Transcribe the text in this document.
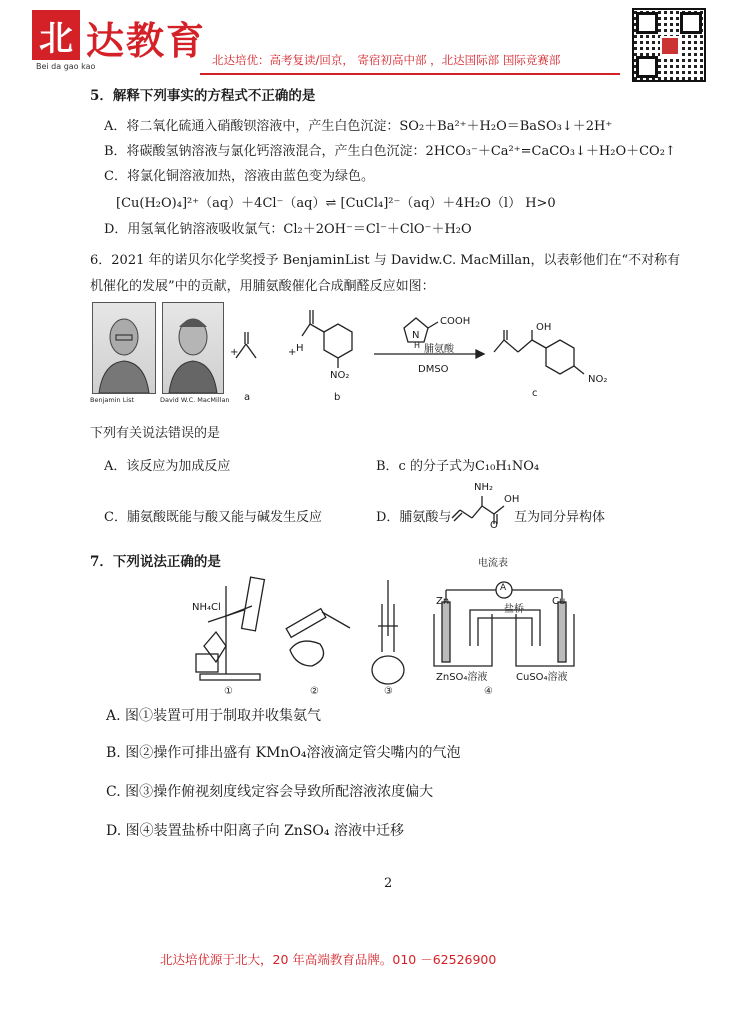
北 达教育
Bei da gao kao	北达培优：高考复读/回京， 寄宿初高中部 ，北达国际部 国际竞赛部
5．解释下列事实的方程式不正确的是
A．将二氧化硫通入硝酸钡溶液中，产生白色沉淀：SO₂＋Ba²⁺＋H₂O＝BaSO₃↓＋2H⁺
B．将碳酸氢钠溶液与氯化钙溶液混合，产生白色沉淀：2HCO₃⁻＋Ca²⁺=CaCO₃↓＋H₂O＋CO₂↑
C．将氯化铜溶液加热，溶液由蓝色变为绿色。
[Cu(H₂O)₄]²⁺（aq）＋4Cl⁻（aq）⇌ [CuCl₄]²⁻（aq）＋4H₂O（l） H>0
D．用氢氧化钠溶液吸收氯气：Cl₂＋2OH⁻＝Cl⁻＋ClO⁻＋H₂O
6．2021 年的诺贝尔化学奖授予 BenjaminList 与 Davidw.C. MacMillan，以表彰他们在“不对称有
机催化的发展”中的贡献，用脯氨酸催化合成酮醛反应如图：
Benjamin List	David W.C. MacMillan
+	+ H
NO₂
a	b
COOH
N
H 脯氨酸
DMSO
OH
NO₂
c
下列有关说法错误的是
A．该反应为加成反应	B．c 的分子式为C₁₀H₁NO₄
C．脯氨酸既能与酸又能与碱发生反应	D．脯氨酸与
NH₂
OH
O
互为同分异构体
7．下列说法正确的是
NH₄Cl
电流表
A
Zn	Cu
盐桥
ZnSO₄溶液	CuSO₄溶液
①	②	③	④
A. 图①装置可用于制取并收集氨气
B. 图②操作可排出盛有 KMnO₄溶液滴定管尖嘴内的气泡
C. 图③操作俯视刻度线定容会导致所配溶液浓度偏大
D. 图④装置盐桥中阳离子向 ZnSO₄ 溶液中迁移
2
北达培优源于北大，20 年高端教育品牌。010 －62526900
